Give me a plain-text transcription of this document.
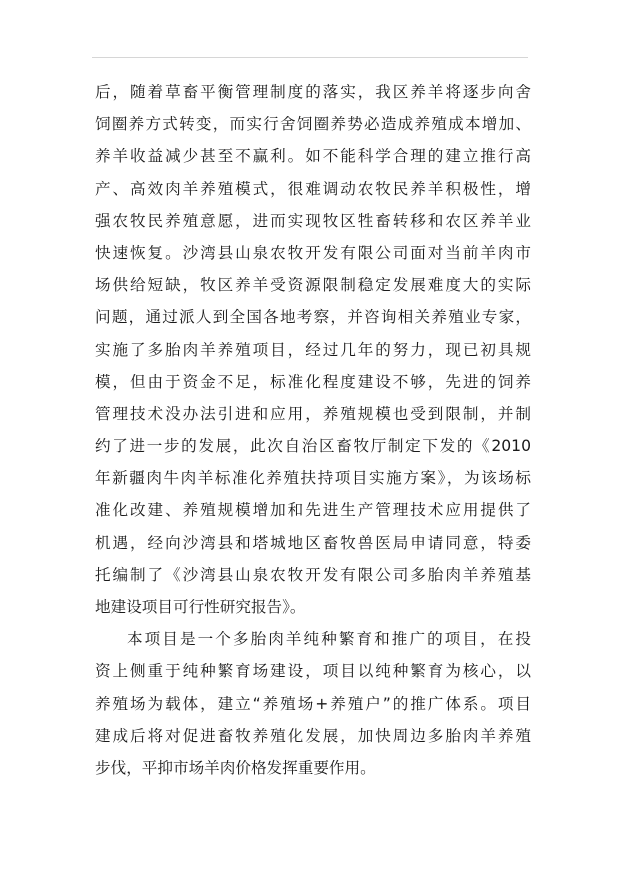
后，随着草畜平衡管理制度的落实，我区养羊将逐步向舍
饲圈养方式转变，而实行舍饲圈养势必造成养殖成本增加、
养羊收益减少甚至不赢利。如不能科学合理的建立推行高
产、高效肉羊养殖模式，很难调动农牧民养羊积极性，增
强农牧民养殖意愿，进而实现牧区牲畜转移和农区养羊业
快速恢复。沙湾县山泉农牧开发有限公司面对当前羊肉市
场供给短缺，牧区养羊受资源限制稳定发展难度大的实际
问题，通过派人到全国各地考察，并咨询相关养殖业专家，
实施了多胎肉羊养殖项目，经过几年的努力，现已初具规
模，但由于资金不足，标准化程度建设不够，先进的饲养
管理技术没办法引进和应用，养殖规模也受到限制，并制
约了进一步的发展，此次自治区畜牧厅制定下发的《2010
年新疆肉牛肉羊标准化养殖扶持项目实施方案》，为该场标
准化改建、养殖规模增加和先进生产管理技术应用提供了
机遇，经向沙湾县和塔城地区畜牧兽医局申请同意，特委
托编制了《沙湾县山泉农牧开发有限公司多胎肉羊养殖基
地建设项目可行性研究报告》。
本项目是一个多胎肉羊纯种繁育和推广的项目，在投
资上侧重于纯种繁育场建设，项目以纯种繁育为核心，以
养殖场为载体，建立“养殖场+养殖户”的推广体系。项目
建成后将对促进畜牧养殖化发展，加快周边多胎肉羊养殖
步伐，平抑市场羊肉价格发挥重要作用。
